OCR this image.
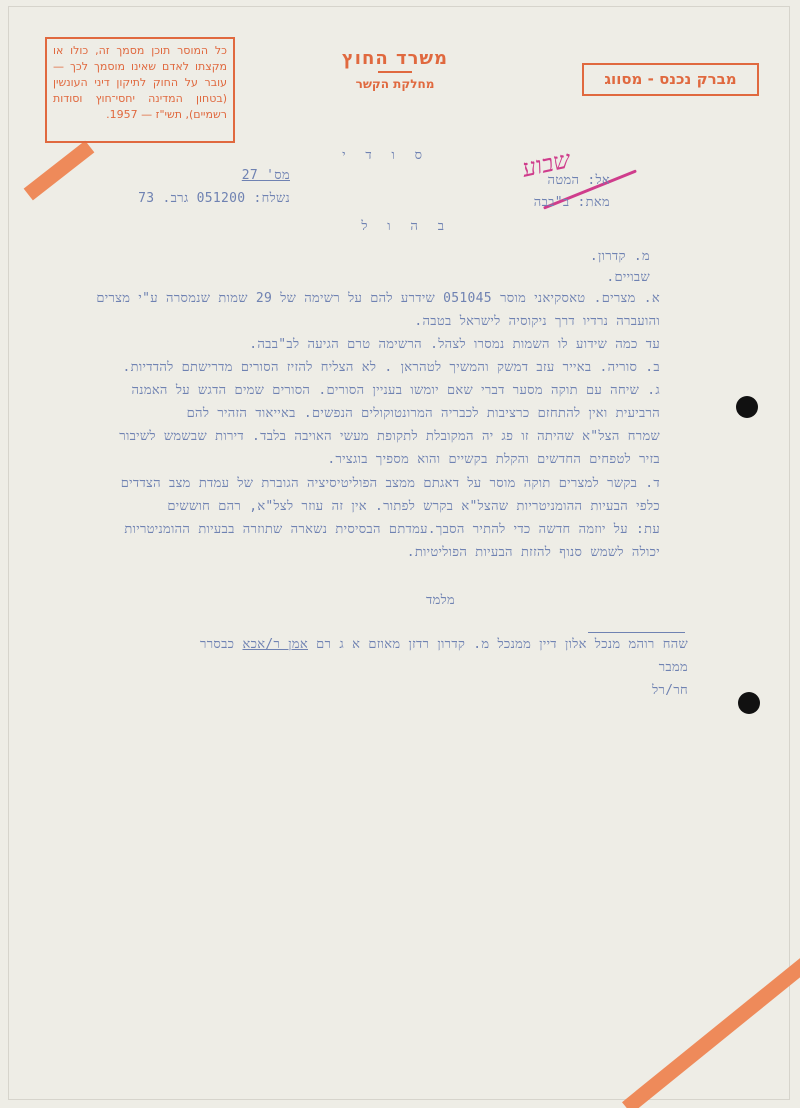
כל המוסר תוכן מסמך זה, כולו או מקצתו לאדם שאינו מוסמך לכך — עובר על החוק לתיקון דיני העונשין (בטחון המדינה יחסי־חוץ וסודות רשמיים), תשי"ז — 1957.
משרד החוץ
מחלקת הקשר	מברק נכנס - מסווג
ס ו ד י	שבוע
אל: המטה
מאת: ב"בבה
מס' 27
נשלח: 051200 גרב. 73
ב ה ו ל
מ. קדרון.
שבויים.
א. מצרים. טאסקיאני מוסר 051045 שידרע להם על רשימה של 29 שמות שנמסרה ע"י מצרים
והועברה נרדיו דרך ניקוסיה לישראל בטבה.
עד כמה שידוע לו השמות נמסרו לצהל. הרשימה טרם הגיעה לב"בבה.
ב. סוריה. באייר עזב דמשק והמשיך לטהראן . לא הצליח להזיז הסורים מדרישתם להדדיות.
ג. שיחה עם תוקה מסער דברי שאם יומשו בעניין הסורים. הסורים שמים הדגש על האמנה
הרביעית ואין להתחזם כרציבות לכבריה המרונטוקולים הנפשים. באייאוד הזהיר להם
שמרח הצל"א שהיתה זו פג יה המקובלת לתקופת מעשי האויבה בלבד. דירות שבשמש לשיבור
בזיר לטפחים החדשים והקלת בקשיים והוא מספיך בוגציר.
ד. בקשר למצרים תוקה מוסר על דאגתם ממצב הפוליטיסיציה הגוברת של עמדת מצב הצדדים
כלפי הבעיות ההומניטריות שהצל"א בקרש לפתור. אין זה עוזר לצל"א, רהם חוששים
עת: על יוזמה חדשה כדי להתיר הסבך.עמדתם הבסיסית נשארה שתוזרה בבעיות ההומניטריות
יכולה לשמש סנוף להזזת הבעיות הפוליטיות.
מלמד
שהח רוהמ מנכל אלון דיין ממנכל מ. קדרון רדזן מאוזם א ג רם אמן ר/אכא כבסרר
ממבר
חר/רל
